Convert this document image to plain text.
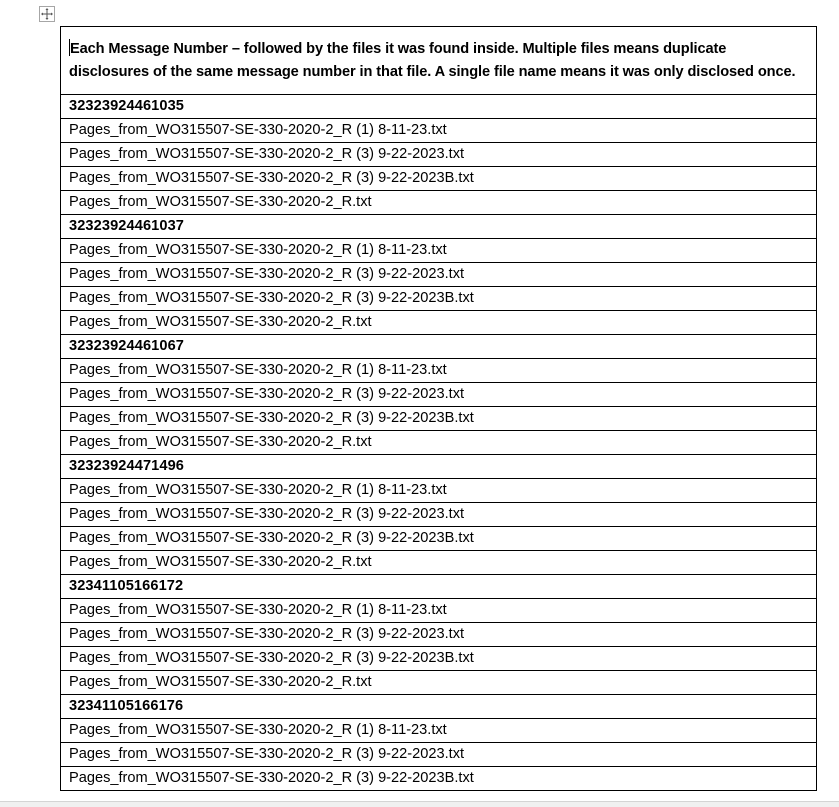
Each Message Number – followed by the files it was found inside. Multiple files means duplicate disclosures of the same message number in that file. A single file name means it was only disclosed once.
32323924461035
Pages_from_WO315507-SE-330-2020-2_R (1) 8-11-23.txt
Pages_from_WO315507-SE-330-2020-2_R (3) 9-22-2023.txt
Pages_from_WO315507-SE-330-2020-2_R (3) 9-22-2023B.txt
Pages_from_WO315507-SE-330-2020-2_R.txt
32323924461037
Pages_from_WO315507-SE-330-2020-2_R (1) 8-11-23.txt
Pages_from_WO315507-SE-330-2020-2_R (3) 9-22-2023.txt
Pages_from_WO315507-SE-330-2020-2_R (3) 9-22-2023B.txt
Pages_from_WO315507-SE-330-2020-2_R.txt
32323924461067
Pages_from_WO315507-SE-330-2020-2_R (1) 8-11-23.txt
Pages_from_WO315507-SE-330-2020-2_R (3) 9-22-2023.txt
Pages_from_WO315507-SE-330-2020-2_R (3) 9-22-2023B.txt
Pages_from_WO315507-SE-330-2020-2_R.txt
32323924471496
Pages_from_WO315507-SE-330-2020-2_R (1) 8-11-23.txt
Pages_from_WO315507-SE-330-2020-2_R (3) 9-22-2023.txt
Pages_from_WO315507-SE-330-2020-2_R (3) 9-22-2023B.txt
Pages_from_WO315507-SE-330-2020-2_R.txt
32341105166172
Pages_from_WO315507-SE-330-2020-2_R (1) 8-11-23.txt
Pages_from_WO315507-SE-330-2020-2_R (3) 9-22-2023.txt
Pages_from_WO315507-SE-330-2020-2_R (3) 9-22-2023B.txt
Pages_from_WO315507-SE-330-2020-2_R.txt
32341105166176
Pages_from_WO315507-SE-330-2020-2_R (1) 8-11-23.txt
Pages_from_WO315507-SE-330-2020-2_R (3) 9-22-2023.txt
Pages_from_WO315507-SE-330-2020-2_R (3) 9-22-2023B.txt
